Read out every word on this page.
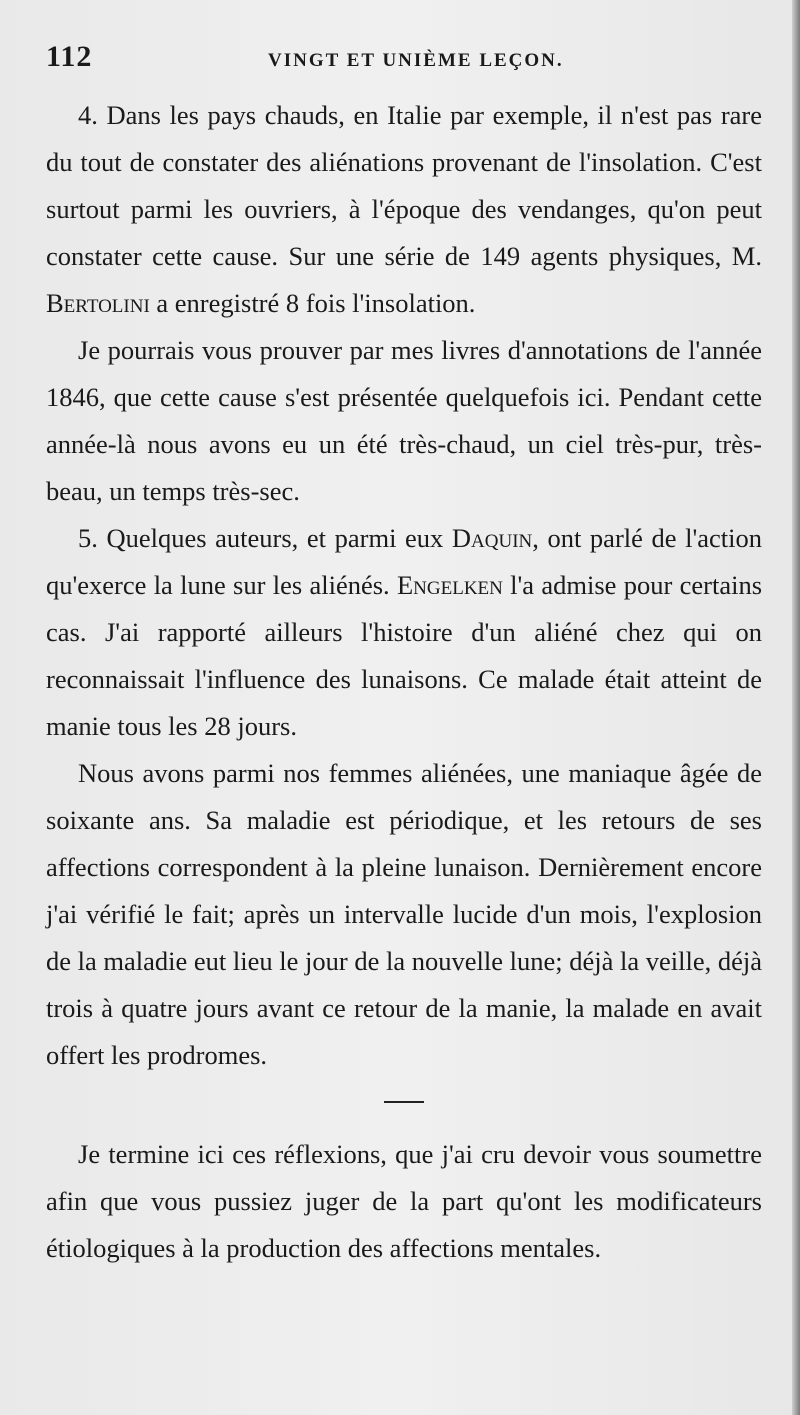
112	VINGT ET UNIÈME LEÇON.

4. Dans les pays chauds, en Italie par exemple, il n'est pas rare du tout de constater des aliénations provenant de l'insolation. C'est surtout parmi les ouvriers, à l'époque des vendanges, qu'on peut constater cette cause. Sur une série de 149 agents physiques, M. Bertolini a enregistré 8 fois l'insolation.

Je pourrais vous prouver par mes livres d'annotations de l'année 1846, que cette cause s'est présentée quelquefois ici. Pendant cette année-là nous avons eu un été très-chaud, un ciel très-pur, très-beau, un temps très-sec.

5. Quelques auteurs, et parmi eux Daquin, ont parlé de l'action qu'exerce la lune sur les aliénés. Engelken l'a admise pour certains cas. J'ai rapporté ailleurs l'histoire d'un aliéné chez qui on reconnaissait l'influence des lunaisons. Ce malade était atteint de manie tous les 28 jours.

Nous avons parmi nos femmes aliénées, une maniaque âgée de soixante ans. Sa maladie est périodique, et les retours de ses affections correspondent à la pleine lunaison. Dernièrement encore j'ai vérifié le fait; après un intervalle lucide d'un mois, l'explosion de la maladie eut lieu le jour de la nouvelle lune; déjà la veille, déjà trois à quatre jours avant ce retour de la manie, la malade en avait offert les prodromes.

Je termine ici ces réflexions, que j'ai cru devoir vous soumettre afin que vous pussiez juger de la part qu'ont les modificateurs étiologiques à la production des affections mentales.
